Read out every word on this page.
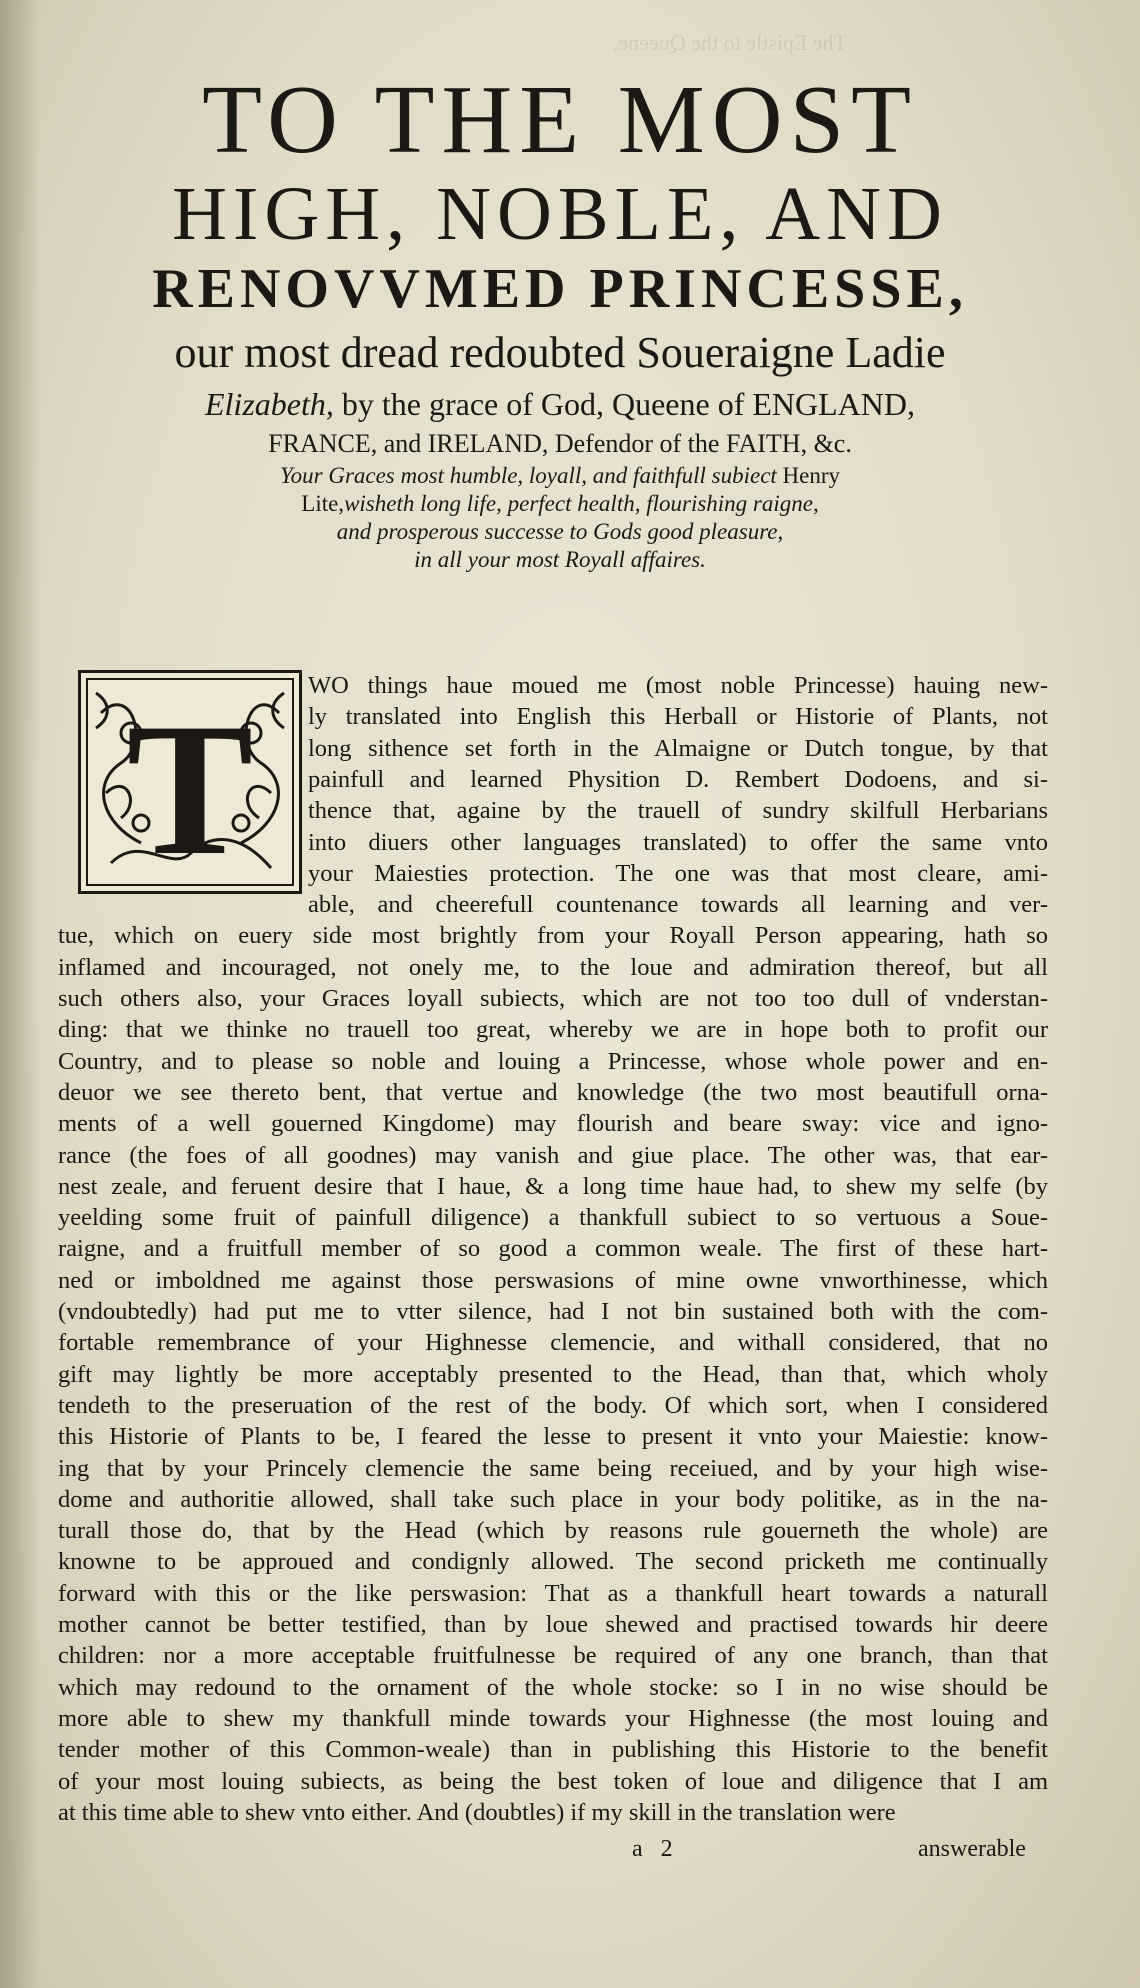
The Epistle to the Queene.
TO THE MOST
HIGH, NOBLE, AND
RENOVVMED PRINCESSE,
our most dread redoubted Soueraigne Ladie
Elizabeth, by the grace of God, Queene of ENGLAND,
FRANCE, and IRELAND, Defendor of the FAITH, &c.
Your Graces most humble, loyall, and faithfull subiect Henry
Lite,wisheth long life, perfect health, flourishing raigne,
and prosperous successe to Gods good pleasure,
in all your most Royall affaires.
T WO things haue moued me (most noble Princesse) hauing new-
ly translated into English this Herball or Historie of Plants, not
long sithence set forth in the Almaigne or Dutch tongue, by that
painfull and learned Physition D. Rembert Dodoens, and si-
thence that, againe by the trauell of sundry skilfull Herbarians
into diuers other languages translated) to offer the same vnto
your Maiesties protection. The one was that most cleare, ami-
able, and cheerefull countenance towards all learning and ver-
tue, which on euery side most brightly from your Royall Person appearing, hath so
inflamed and incouraged, not onely me, to the loue and admiration thereof, but all
such others also, your Graces loyall subiects, which are not too too dull of vnderstan-
ding: that we thinke no trauell too great, whereby we are in hope both to profit our
Country, and to please so noble and louing a Princesse, whose whole power and en-
deuor we see thereto bent, that vertue and knowledge (the two most beautifull orna-
ments of a well gouerned Kingdome) may flourish and beare sway: vice and igno-
rance (the foes of all goodnes) may vanish and giue place. The other was, that ear-
nest zeale, and feruent desire that I haue, & a long time haue had, to shew my selfe (by
yeelding some fruit of painfull diligence) a thankfull subiect to so vertuous a Soue-
raigne, and a fruitfull member of so good a common weale. The first of these hart-
ned or imboldned me against those perswasions of mine owne vnworthinesse, which
(vndoubtedly) had put me to vtter silence, had I not bin sustained both with the com-
fortable remembrance of your Highnesse clemencie, and withall considered, that no
gift may lightly be more acceptably presented to the Head, than that, which wholy
tendeth to the preseruation of the rest of the body. Of which sort, when I considered
this Historie of Plants to be, I feared the lesse to present it vnto your Maiestie: know-
ing that by your Princely clemencie the same being receiued, and by your high wise-
dome and authoritie allowed, shall take such place in your body politike, as in the na-
turall those do, that by the Head (which by reasons rule gouerneth the whole) are
knowne to be approued and condignly allowed. The second pricketh me continually
forward with this or the like perswasion: That as a thankfull heart towards a naturall
mother cannot be better testified, than by loue shewed and practised towards hir deere
children: nor a more acceptable fruitfulnesse be required of any one branch, than that
which may redound to the ornament of the whole stocke: so I in no wise should be
more able to shew my thankfull minde towards your Highnesse (the most louing and
tender mother of this Common-weale) than in publishing this Historie to the benefit
of your most louing subiects, as being the best token of loue and diligence that I am
at this time able to shew vnto either. And (doubtles) if my skill in the translation were
a 2	answerable
